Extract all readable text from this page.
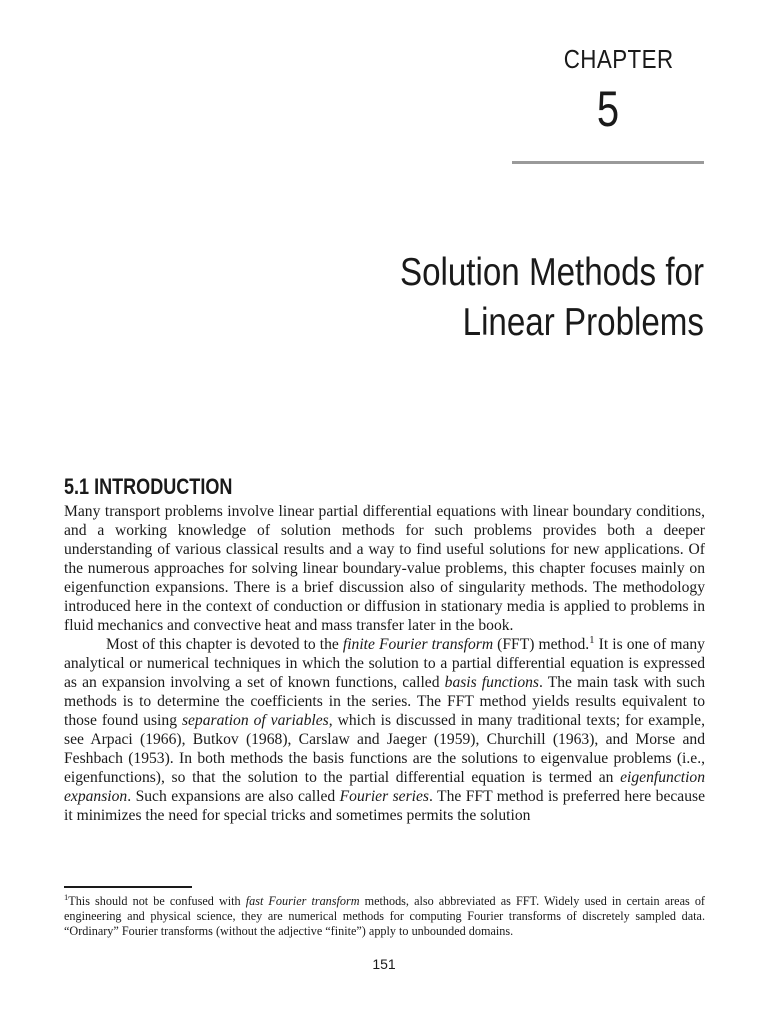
CHAPTER
5
Solution Methods for
Linear Problems
5.1 INTRODUCTION

Many transport problems involve linear partial differential equations with linear boundary conditions, and a working knowledge of solution methods for such problems provides both a deeper understanding of various classical results and a way to find useful solutions for new applications. Of the numerous approaches for solving linear boundary-value problems, this chapter focuses mainly on eigenfunction expansions. There is a brief discussion also of singularity methods. The methodology introduced here in the context of conduction or diffusion in stationary media is applied to problems in fluid mechanics and convective heat and mass transfer later in the book.

Most of this chapter is devoted to the finite Fourier transform (FFT) method.$^1$ It is one of many analytical or numerical techniques in which the solution to a partial differential equation is expressed as an expansion involving a set of known functions, called basis functions. The main task with such methods is to determine the coefficients in the series. The FFT method yields results equivalent to those found using separation of variables, which is discussed in many traditional texts; for example, see Arpaci (1966), Butkov (1968), Carslaw and Jaeger (1959), Churchill (1963), and Morse and Feshbach (1953). In both methods the basis functions are the solutions to eigenvalue problems (i.e., eigenfunctions), so that the solution to the partial differential equation is termed an eigenfunction expansion. Such expansions are also called Fourier series. The FFT method is preferred here because it minimizes the need for special tricks and sometimes permits the solution

$^1$This should not be confused with fast Fourier transform methods, also abbreviated as FFT. Widely used in certain areas of engineering and physical science, they are numerical methods for computing Fourier transforms of discretely sampled data. “Ordinary” Fourier transforms (without the adjective “finite”) apply to unbounded domains.
151
